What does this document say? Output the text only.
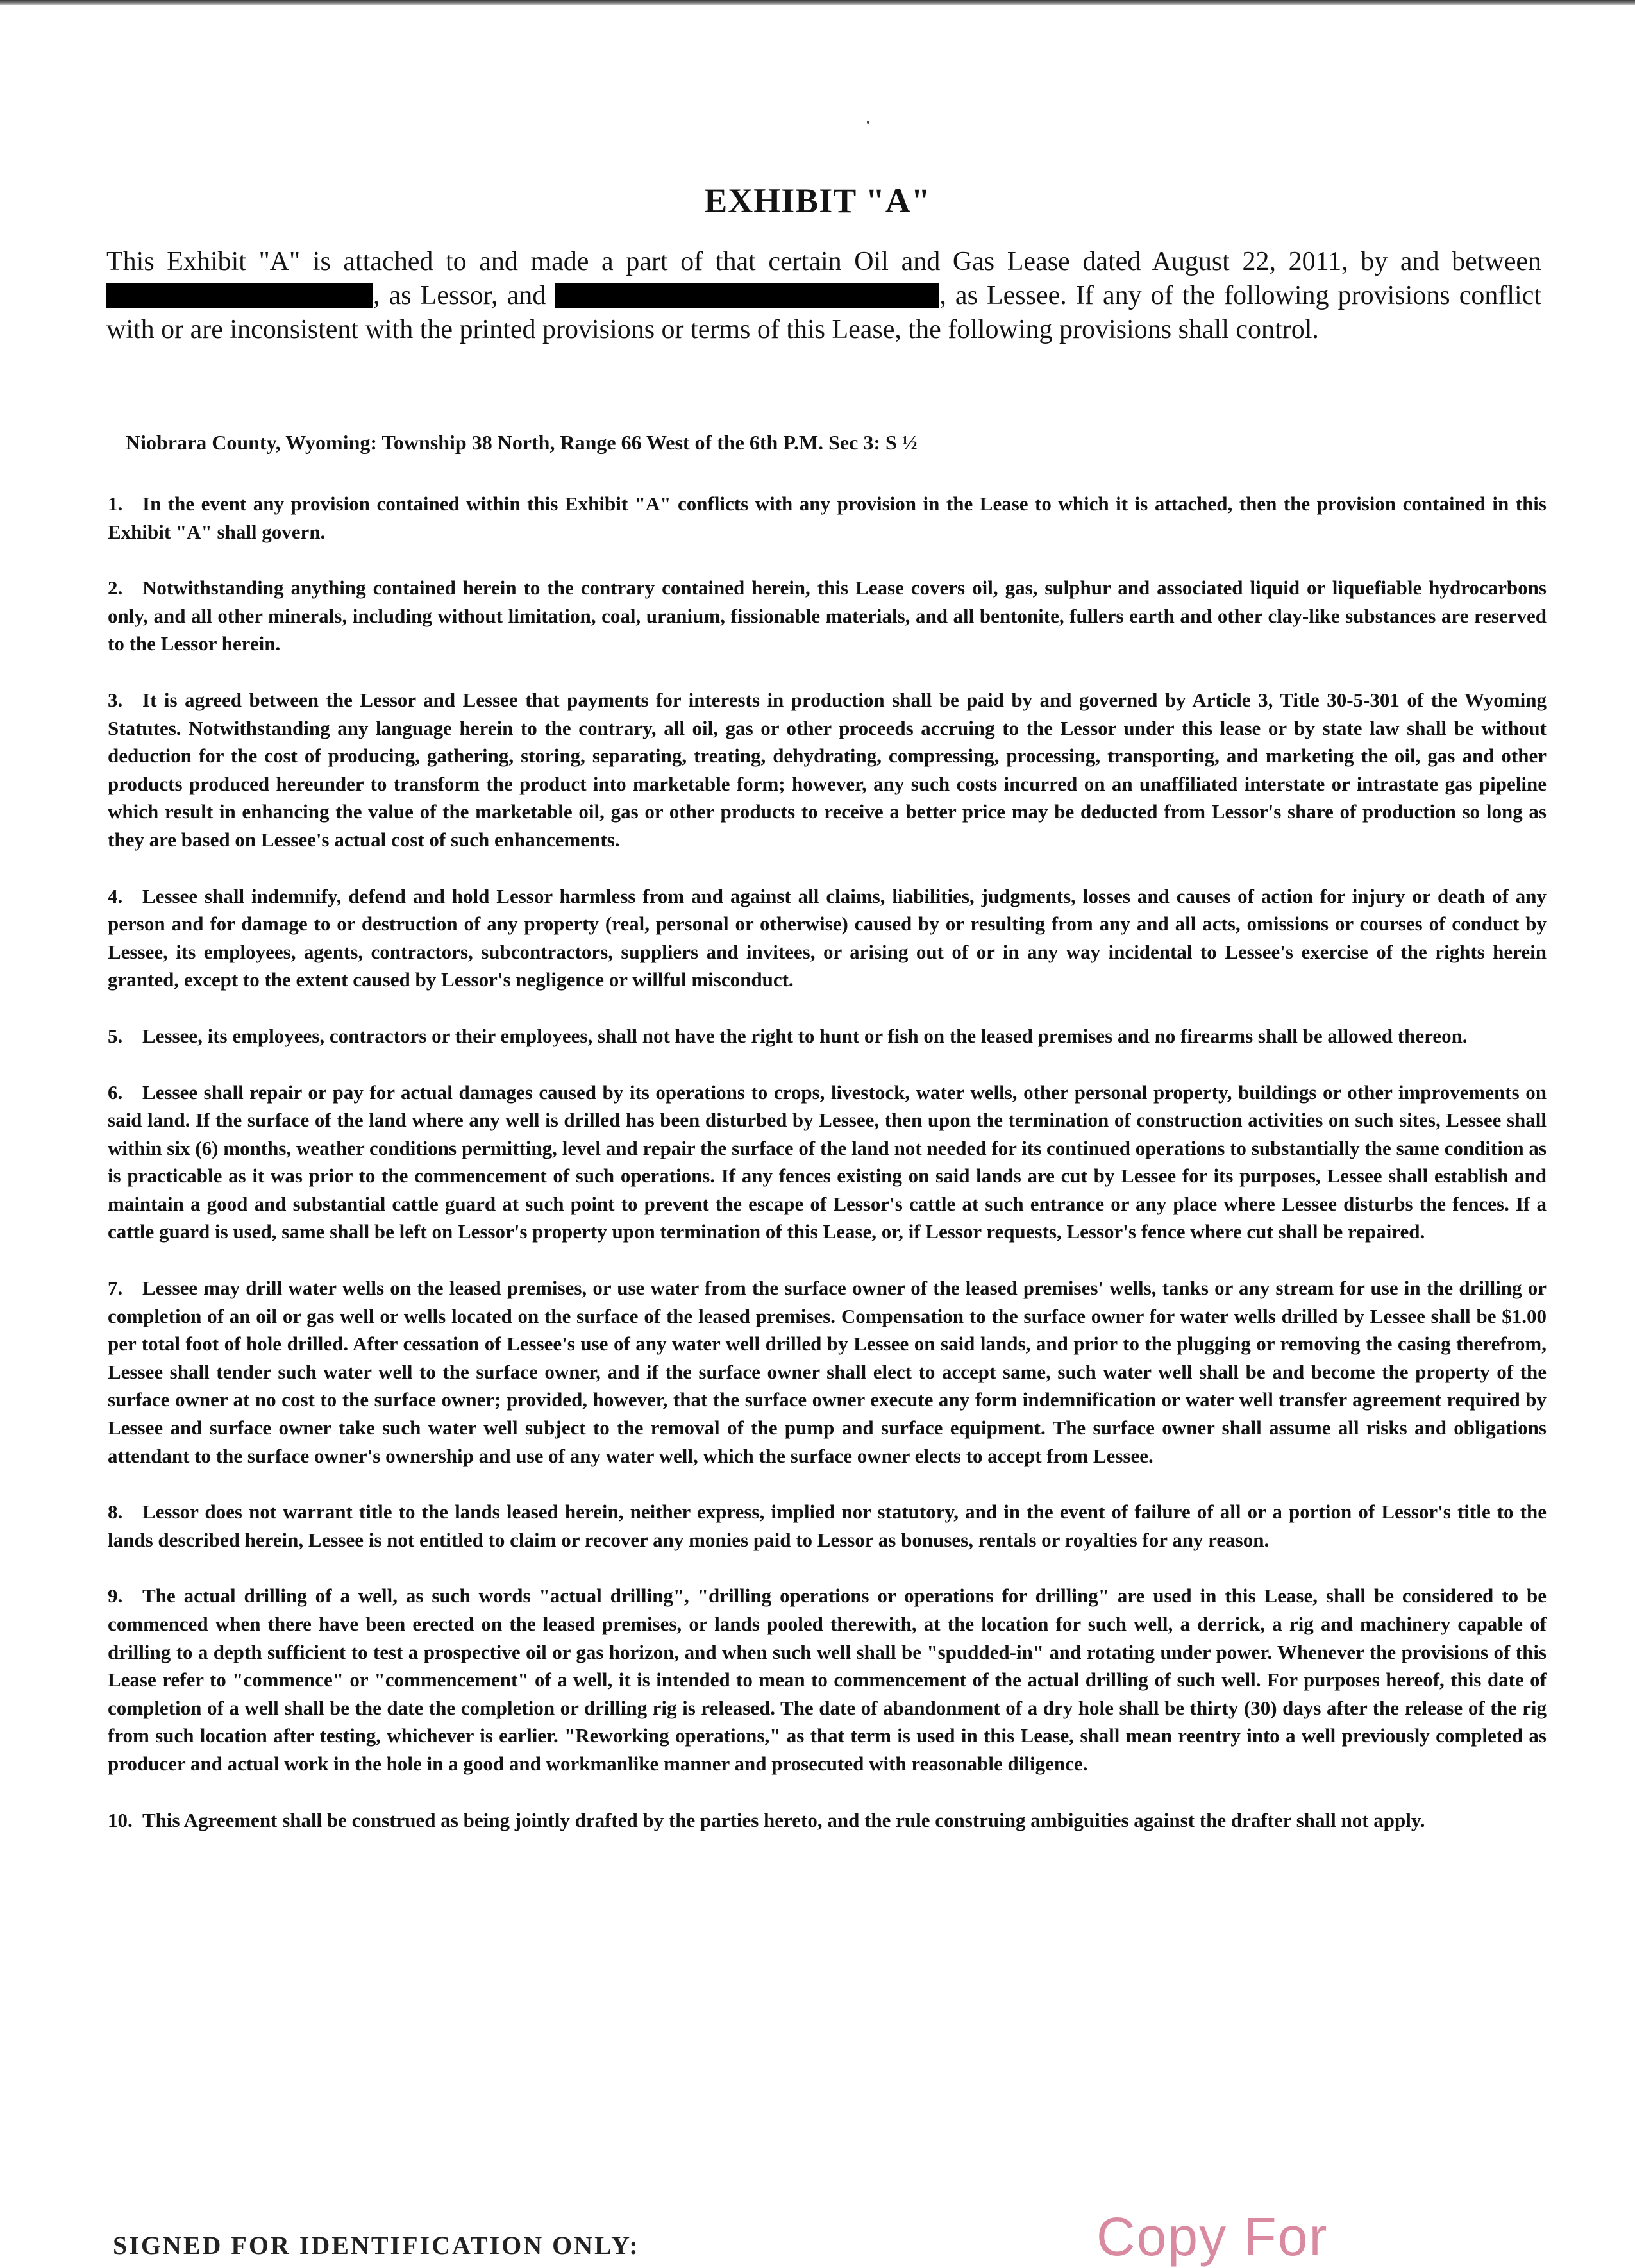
EXHIBIT "A"
This Exhibit "A" is attached to and made a part of that certain Oil and Gas Lease dated August 22, 2011, by and between , as Lessor, and	, as Lessee. If any of the following provisions conflict with or are inconsistent with the printed provisions or terms of this Lease, the following provisions shall control.
Niobrara County, Wyoming: Township 38 North, Range 66 West of the 6th P.M. Sec 3: S ½

1. In the event any provision contained within this Exhibit "A" conflicts with any provision in the Lease to which it is attached, then the provision contained in this Exhibit "A" shall govern.

2. Notwithstanding anything contained herein to the contrary contained herein, this Lease covers oil, gas, sulphur and associated liquid or liquefiable hydrocarbons only, and all other minerals, including without limitation, coal, uranium, fissionable materials, and all bentonite, fullers earth and other clay-like substances are reserved to the Lessor herein.

3. It is agreed between the Lessor and Lessee that payments for interests in production shall be paid by and governed by Article 3, Title 30-5-301 of the Wyoming Statutes. Notwithstanding any language herein to the contrary, all oil, gas or other proceeds accruing to the Lessor under this lease or by state law shall be without deduction for the cost of producing, gathering, storing, separating, treating, dehydrating, compressing, processing, transporting, and marketing the oil, gas and other products produced hereunder to transform the product into marketable form; however, any such costs incurred on an unaffiliated interstate or intrastate gas pipeline which result in enhancing the value of the marketable oil, gas or other products to receive a better price may be deducted from Lessor's share of production so long as they are based on Lessee's actual cost of such enhancements.

4. Lessee shall indemnify, defend and hold Lessor harmless from and against all claims, liabilities, judgments, losses and causes of action for injury or death of any person and for damage to or destruction of any property (real, personal or otherwise) caused by or resulting from any and all acts, omissions or courses of conduct by Lessee, its employees, agents, contractors, subcontractors, suppliers and invitees, or arising out of or in any way incidental to Lessee's exercise of the rights herein granted, except to the extent caused by Lessor's negligence or willful misconduct.

5. Lessee, its employees, contractors or their employees, shall not have the right to hunt or fish on the leased premises and no firearms shall be allowed thereon.

6. Lessee shall repair or pay for actual damages caused by its operations to crops, livestock, water wells, other personal property, buildings or other improvements on said land. If the surface of the land where any well is drilled has been disturbed by Lessee, then upon the termination of construction activities on such sites, Lessee shall within six (6) months, weather conditions permitting, level and repair the surface of the land not needed for its continued operations to substantially the same condition as is practicable as it was prior to the commencement of such operations. If any fences existing on said lands are cut by Lessee for its purposes, Lessee shall establish and maintain a good and substantial cattle guard at such point to prevent the escape of Lessor's cattle at such entrance or any place where Lessee disturbs the fences. If a cattle guard is used, same shall be left on Lessor's property upon termination of this Lease, or, if Lessor requests, Lessor's fence where cut shall be repaired.

7. Lessee may drill water wells on the leased premises, or use water from the surface owner of the leased premises' wells, tanks or any stream for use in the drilling or completion of an oil or gas well or wells located on the surface of the leased premises. Compensation to the surface owner for water wells drilled by Lessee shall be $1.00 per total foot of hole drilled. After cessation of Lessee's use of any water well drilled by Lessee on said lands, and prior to the plugging or removing the casing therefrom, Lessee shall tender such water well to the surface owner, and if the surface owner shall elect to accept same, such water well shall be and become the property of the surface owner at no cost to the surface owner; provided, however, that the surface owner execute any form indemnification or water well transfer agreement required by Lessee and surface owner take such water well subject to the removal of the pump and surface equipment. The surface owner shall assume all risks and obligations attendant to the surface owner's ownership and use of any water well, which the surface owner elects to accept from Lessee.

8. Lessor does not warrant title to the lands leased herein, neither express, implied nor statutory, and in the event of failure of all or a portion of Lessor's title to the lands described herein, Lessee is not entitled to claim or recover any monies paid to Lessor as bonuses, rentals or royalties for any reason.

9. The actual drilling of a well, as such words "actual drilling", "drilling operations or operations for drilling" are used in this Lease, shall be considered to be commenced when there have been erected on the leased premises, or lands pooled therewith, at the location for such well, a derrick, a rig and machinery capable of drilling to a depth sufficient to test a prospective oil or gas horizon, and when such well shall be "spudded-in" and rotating under power. Whenever the provisions of this Lease refer to "commence" or "commencement" of a well, it is intended to mean to commencement of the actual drilling of such well. For purposes hereof, this date of completion of a well shall be the date the completion or drilling rig is released. The date of abandonment of a dry hole shall be thirty (30) days after the release of the rig from such location after testing, whichever is earlier. "Reworking operations," as that term is used in this Lease, shall mean reentry into a well previously completed as producer and actual work in the hole in a good and workmanlike manner and prosecuted with reasonable diligence.

10. This Agreement shall be construed as being jointly drafted by the parties hereto, and the rule construing ambiguities against the drafter shall not apply.

SIGNED FOR IDENTIFICATION ONLY:	Copy For
